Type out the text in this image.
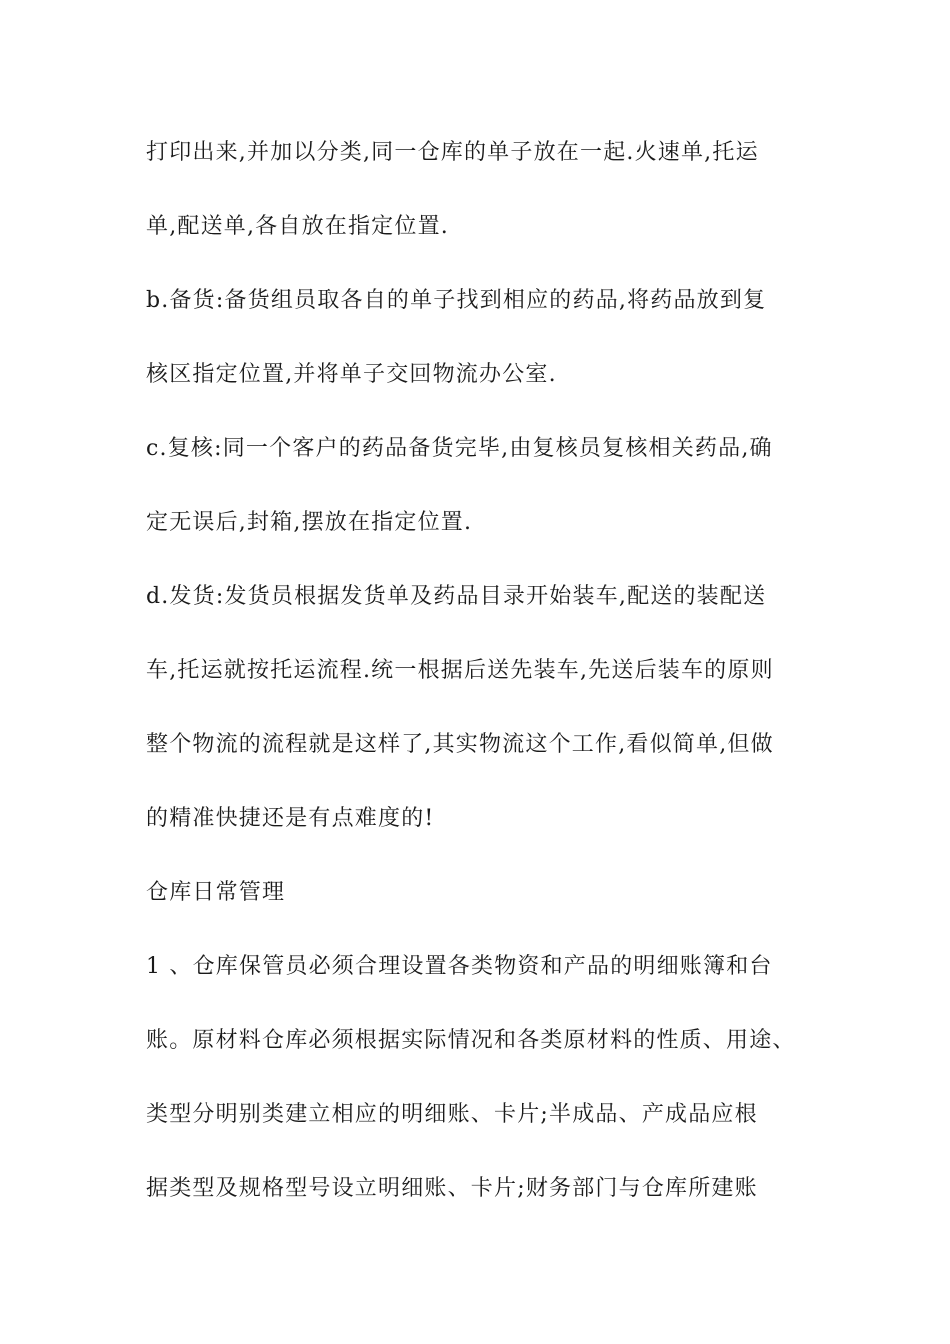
打印出来,并加以分类,同一仓库的单子放在一起.火速单,托运
单,配送单,各自放在指定位置.
b.备货:备货组员取各自的单子找到相应的药品,将药品放到复
核区指定位置,并将单子交回物流办公室.
c.复核:同一个客户的药品备货完毕,由复核员复核相关药品,确
定无误后,封箱,摆放在指定位置.
d.发货:发货员根据发货单及药品目录开始装车,配送的装配送
车,托运就按托运流程.统一根据后送先装车,先送后装车的原则
整个物流的流程就是这样了,其实物流这个工作,看似简单,但做
的精准快捷还是有点难度的!
仓库日常管理
1 、仓库保管员必须合理设置各类物资和产品的明细账簿和台
账。原材料仓库必须根据实际情况和各类原材料的性质、用途、
类型分明别类建立相应的明细账、卡片;半成品、产成品应根
据类型及规格型号设立明细账、卡片;财务部门与仓库所建账
